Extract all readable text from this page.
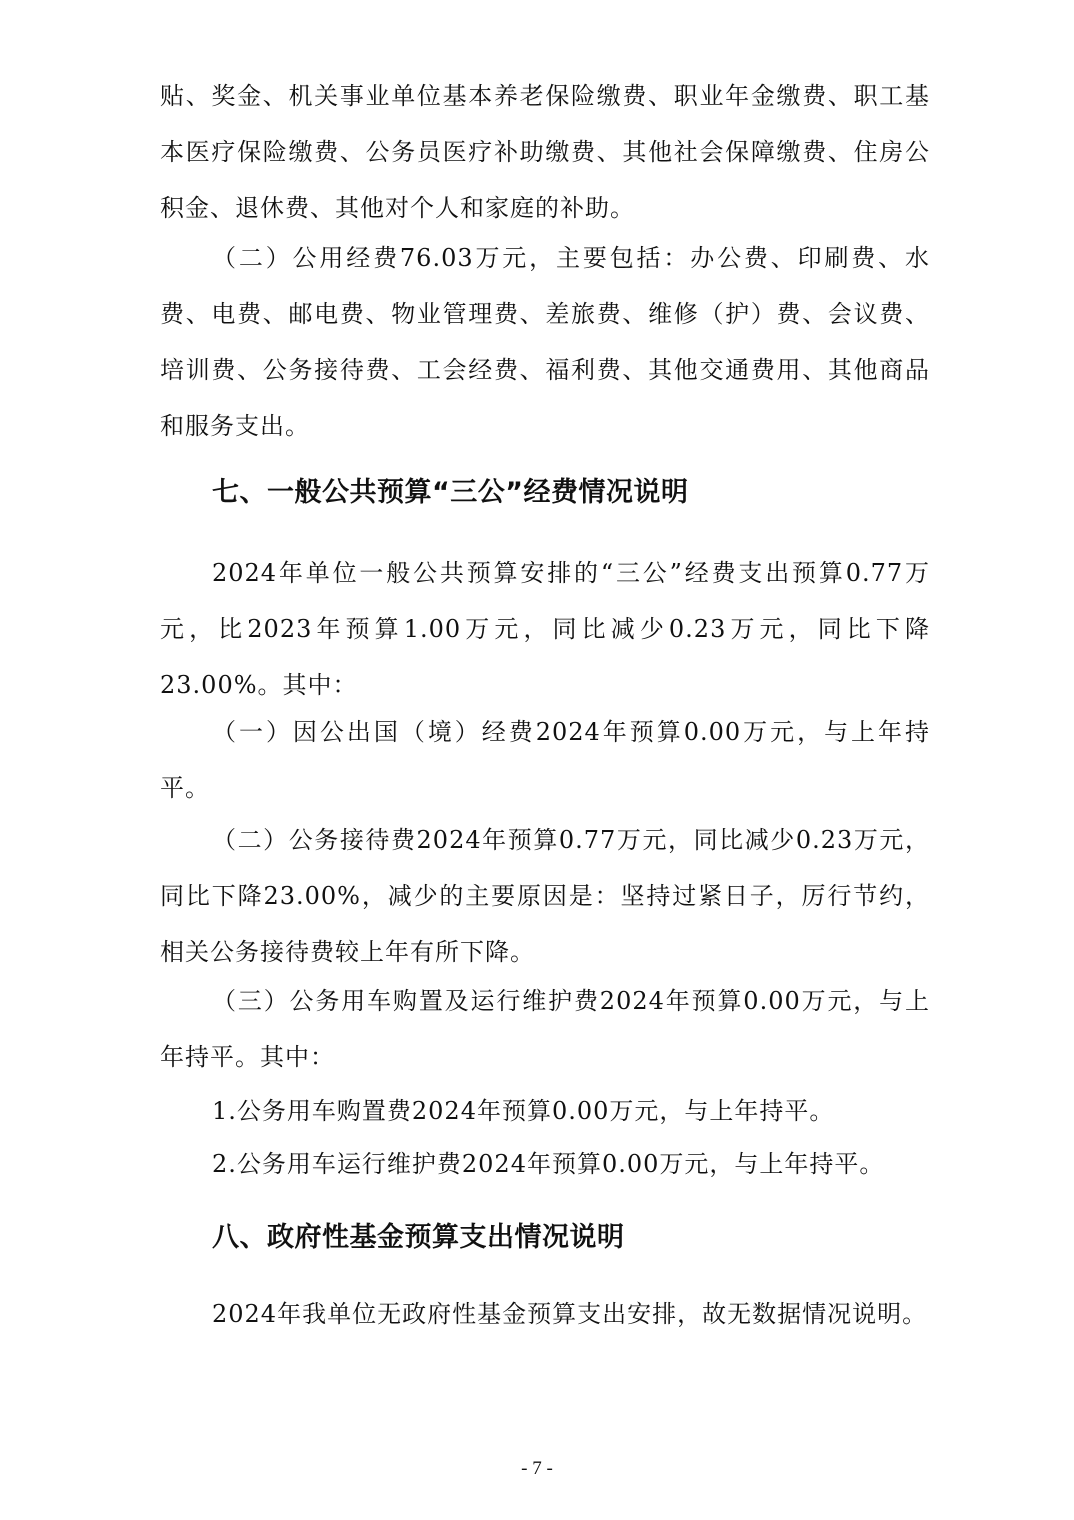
贴、奖金、机关事业单位基本养老保险缴费、职业年金缴费、职工基本医疗保险缴费、公务员医疗补助缴费、其他社会保障缴费、住房公积金、退休费、其他对个人和家庭的补助。

（二）公用经费76.03万元，主要包括：办公费、印刷费、水费、电费、邮电费、物业管理费、差旅费、维修（护）费、会议费、培训费、公务接待费、工会经费、福利费、其他交通费用、其他商品和服务支出。

七、一般公共预算“三公”经费情况说明

2024年单位一般公共预算安排的“三公”经费支出预算0.77万元，比2023年预算1.00万元，同比减少0.23万元，同比下降23.00%。其中：

（一）因公出国（境）经费2024年预算0.00万元，与上年持平。

（二）公务接待费2024年预算0.77万元，同比减少0.23万元，同比下降23.00%，减少的主要原因是：坚持过紧日子，厉行节约，相关公务接待费较上年有所下降。

（三）公务用车购置及运行维护费2024年预算0.00万元，与上年持平。其中：

1.公务用车购置费2024年预算0.00万元，与上年持平。

2.公务用车运行维护费2024年预算0.00万元，与上年持平。

八、政府性基金预算支出情况说明

2024年我单位无政府性基金预算支出安排，故无数据情况说明。

- 7 -
